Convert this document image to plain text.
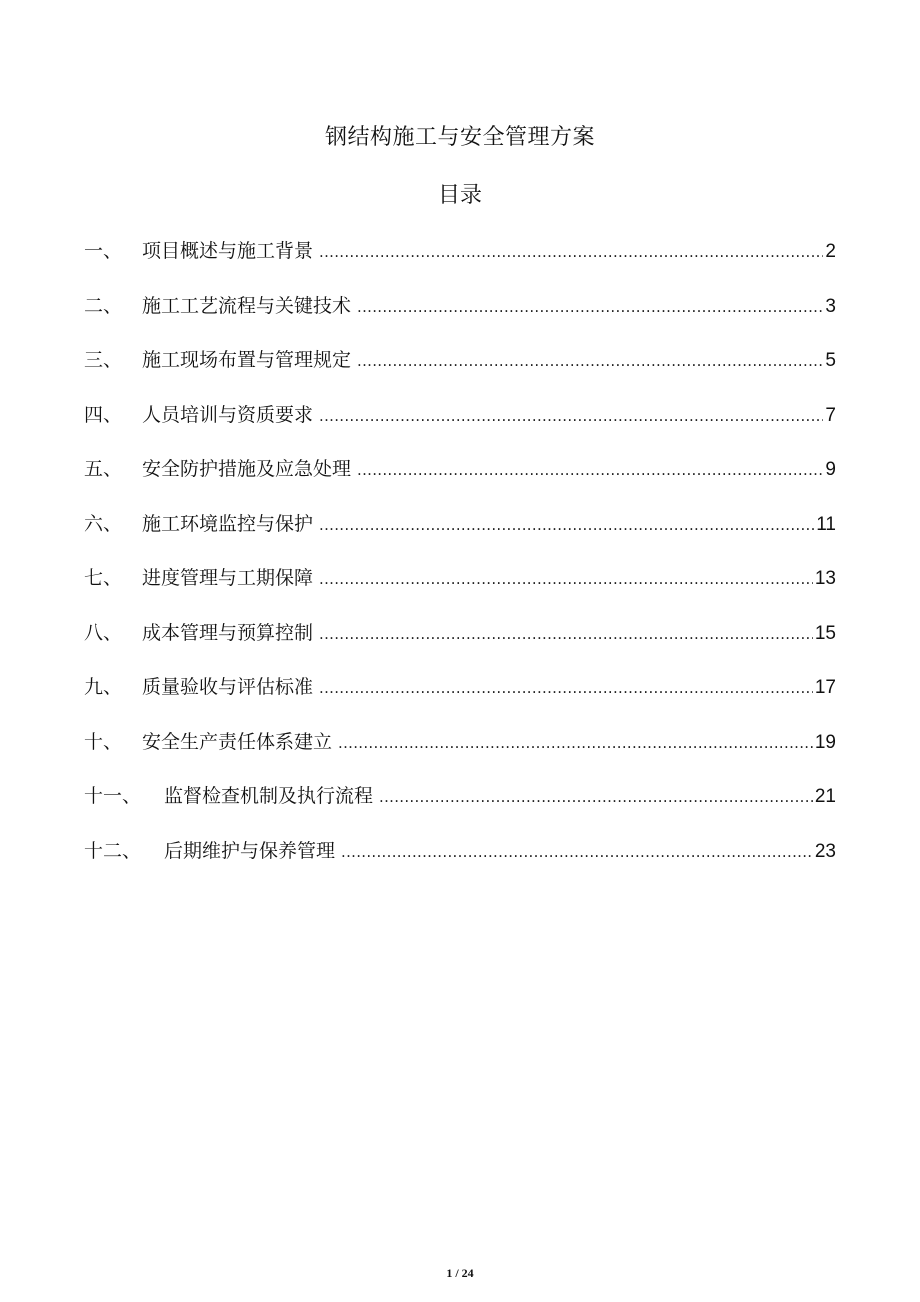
钢结构施工与安全管理方案
目录
一、	项目概述与施工背景 .....	2
二、	施工工艺流程与关键技术 .....	3
三、	施工现场布置与管理规定 .....	5
四、	人员培训与资质要求 .....	7
五、	安全防护措施及应急处理 .....	9
六、	施工环境监控与保护 .....	11
七、	进度管理与工期保障 .....	13
八、	成本管理与预算控制 .....	15
九、	质量验收与评估标准 .....	17
十、	安全生产责任体系建立 .....	19
十一、	监督检查机制及执行流程 .....	21
十二、	后期维护与保养管理 .....	23
1 / 24
